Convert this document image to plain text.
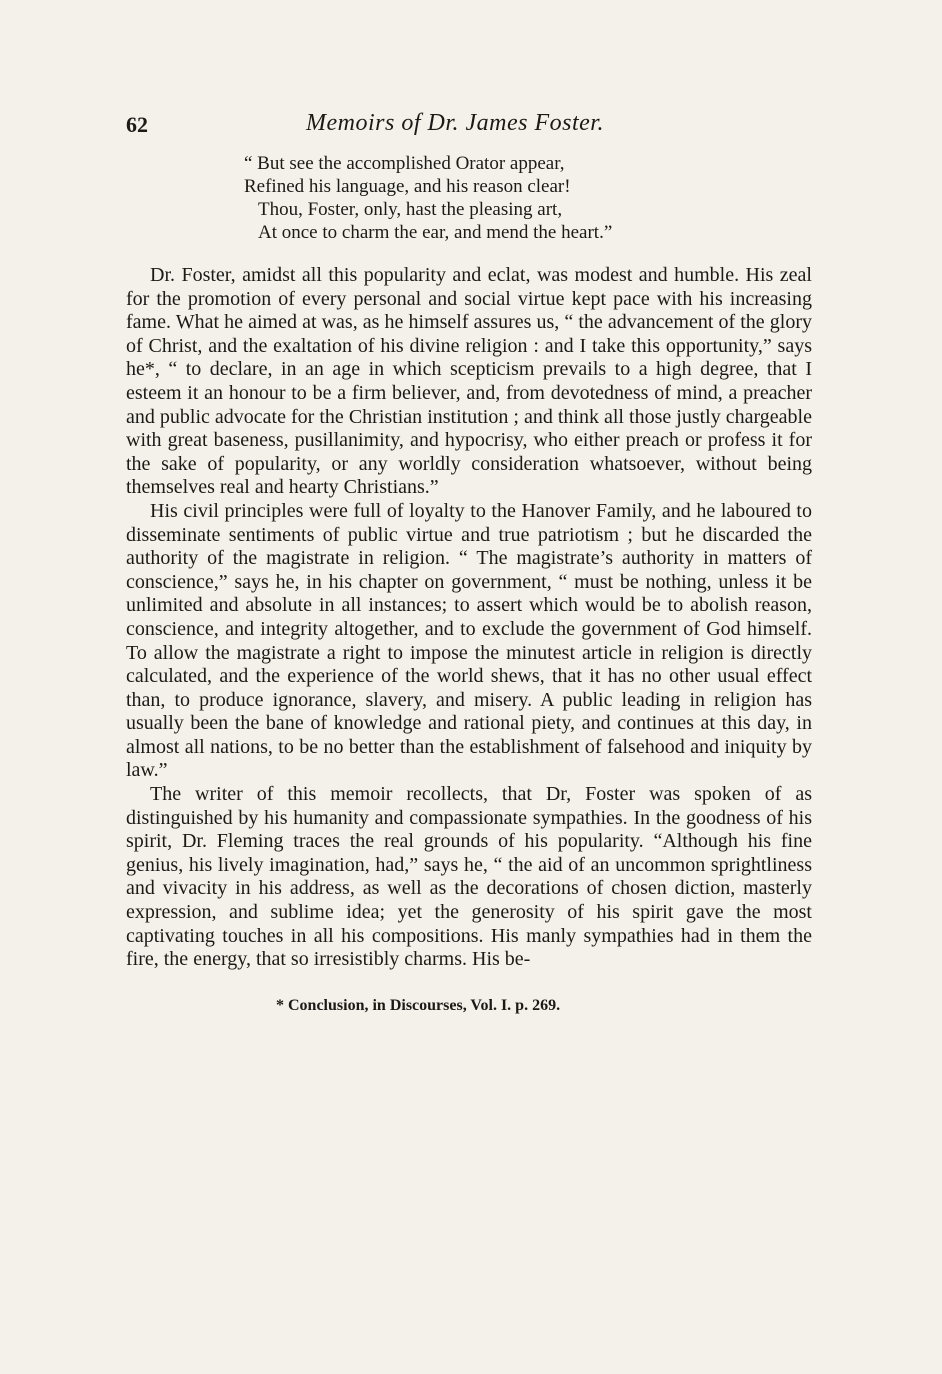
62	Memoirs of Dr. James Foster.
“ But see the accomplished Orator appear,
Refined his language, and his reason clear!
Thou, Foster, only, hast the pleasing art,
At once to charm the ear, and mend the heart.”

Dr. Foster, amidst all this popularity and eclat, was modest and humble. His zeal for the promotion of every personal and social virtue kept pace with his increasing fame. What he aimed at was, as he himself assures us, “ the advancement of the glory of Christ, and the exaltation of his divine religion : and I take this opportunity,” says he*, “ to declare, in an age in which scepticism prevails to a high degree, that I esteem it an honour to be a firm believer, and, from devotedness of mind, a preacher and public advocate for the Christian institution ; and think all those justly chargeable with great baseness, pusillanimity, and hypocrisy, who either preach or profess it for the sake of popularity, or any worldly consideration whatsoever, without being themselves real and hearty Christians.”

His civil principles were full of loyalty to the Hanover Family, and he laboured to disseminate sentiments of public virtue and true patriotism ; but he discarded the authority of the magistrate in religion. “ The magistrate’s authority in matters of conscience,” says he, in his chapter on government, “ must be nothing, unless it be unlimited and absolute in all instances; to assert which would be to abolish reason, conscience, and integrity altogether, and to exclude the government of God himself. To allow the magistrate a right to impose the minutest article in religion is directly calculated, and the experience of the world shews, that it has no other usual effect than, to produce ignorance, slavery, and misery. A public leading in religion has usually been the bane of knowledge and rational piety, and continues at this day, in almost all nations, to be no better than the establishment of falsehood and iniquity by law.”

The writer of this memoir recollects, that Dr, Foster was spoken of as distinguished by his humanity and compassionate sympathies. In the goodness of his spirit, Dr. Fleming traces the real grounds of his popularity. “Although his fine genius, his lively imagination, had,” says he, “ the aid of an uncommon sprightliness and vivacity in his address, as well as the decorations of chosen diction, masterly expression, and sublime idea; yet the generosity of his spirit gave the most captivating touches in all his compositions. His manly sympathies had in them the fire, the energy, that so irresistibly charms. His be-

* Conclusion, in Discourses, Vol. I. p. 269.
